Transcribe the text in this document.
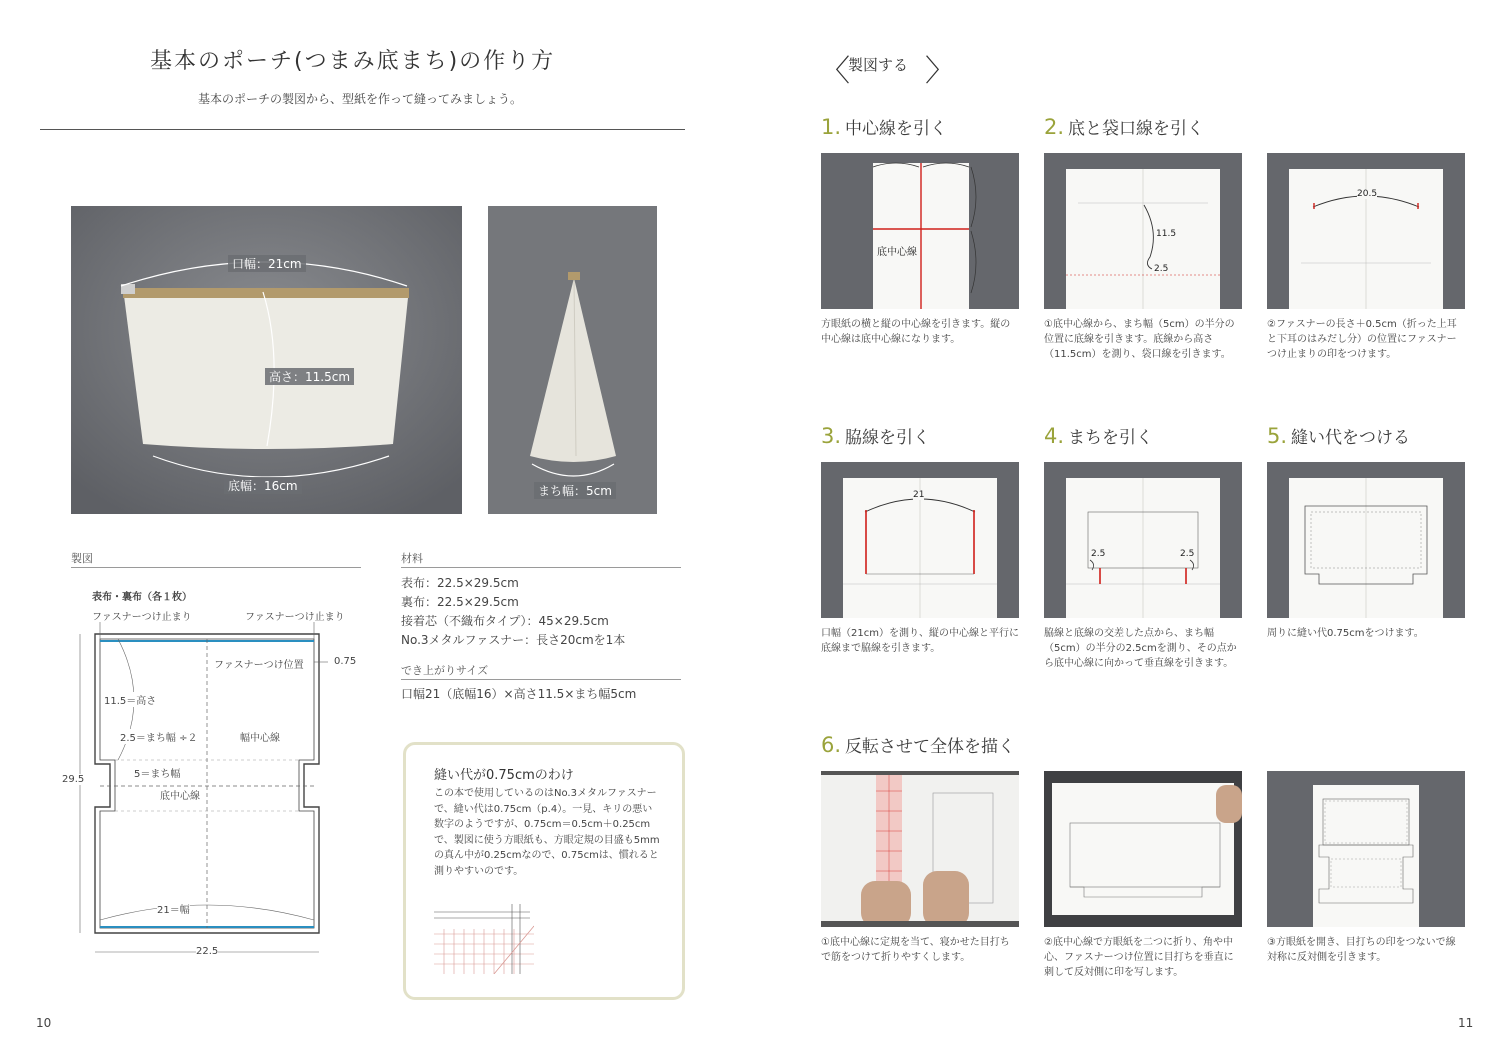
基本のポーチ(つまみ底まち)の作り方
基本のポーチの製図から、型紙を作って縫ってみましょう。
口幅：21cm
高さ：11.5cm
底幅：16cm	まち幅：5cm
製図
表布・裏布（各１枚）
ファスナーつけ止まり	ファスナーつけ止まり
ファスナーつけ位置	0.75
11.5＝高さ
幅中心線
2.5＝まち幅 ÷２
5＝まち幅
底中心線
21＝幅
29.5
22.5
材料
表布：22.5×29.5cm
裏布：22.5×29.5cm
接着芯（不織布タイプ）：45×29.5cm
No.3メタルファスナー：長さ20cmを1本
でき上がりサイズ
口幅21（底幅16）×高さ11.5×まち幅5cm
縫い代が0.75cmのわけ
この本で使用しているのはNo.3メタルファスナーで、縫い代は0.75cm（p.4）。一見、キリの悪い数字のようですが、0.75cm＝0.5cm＋0.25cmで、製図に使う方眼紙も、方眼定規の目盛も5mmの真ん中が0.25cmなので、0.75cmは、慣れると測りやすいのです。
10
〈
製図する 〉
1. 中心線を引く	2. 底と袋口線を引く
3. 脇線を引く	4. まちを引く	5. 縫い代をつける
6. 反転させて全体を描く
底中心線
11.5
2.5
20.5
方眼紙の横と縦の中心線を引きます。縦の中心線は底中心線になります。
①底中心線から、まち幅（5cm）の半分の位置に底線を引きます。底線から高さ（11.5cm）を測り、袋口線を引きます。
②ファスナーの長さ＋0.5cm（折った上耳と下耳のはみだし分）の位置にファスナーつけ止まりの印をつけます。
21
2.5	2.5
口幅（21cm）を測り、縦の中心線と平行に底線まで脇線を引きます。
脇線と底線の交差した点から、まち幅（5cm）の半分の2.5cmを測り、その点から底中心線に向かって垂直線を引きます。
周りに縫い代0.75cmをつけます。
①底中心線に定規を当て、寝かせた目打ちで筋をつけて折りやすくします。
②底中心線で方眼紙を二つに折り、角や中心、ファスナーつけ位置に目打ちを垂直に刺して反対側に印を写します。
③方眼紙を開き、目打ちの印をつないで線対称に反対側を引きます。
11
